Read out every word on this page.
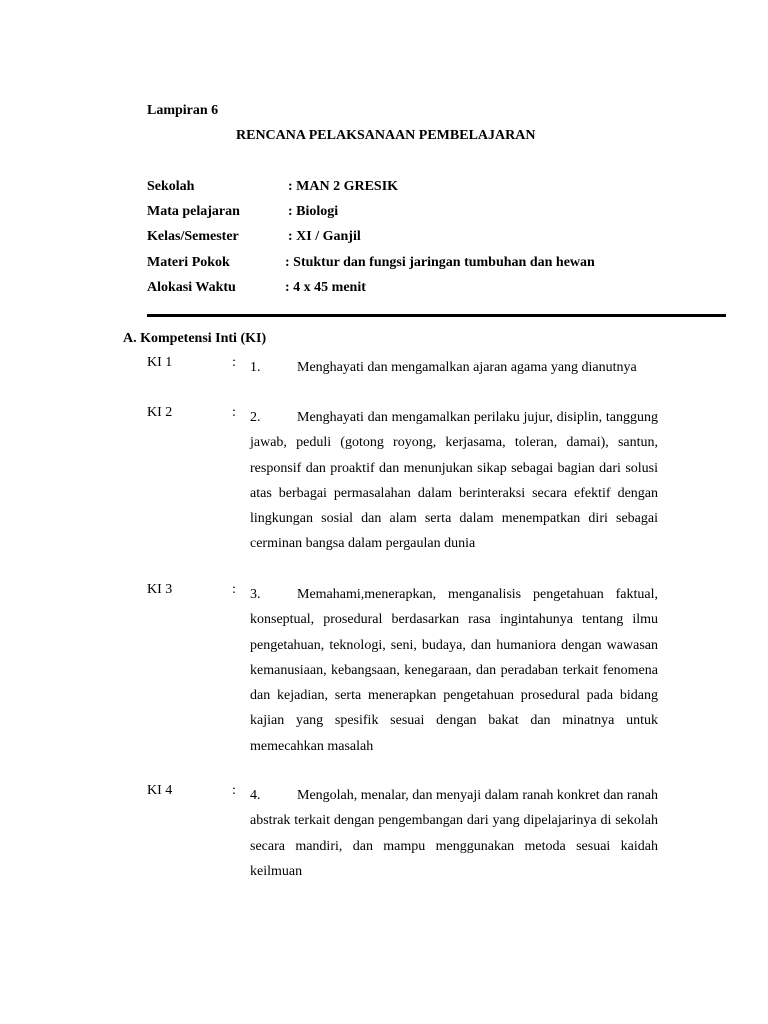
Lampiran 6
RENCANA PELAKSANAAN PEMBELAJARAN
Sekolah	: MAN 2 GRESIK
Mata pelajaran	: Biologi
Kelas/Semester	: XI / Ganjil
Materi Pokok	: Stuktur dan fungsi jaringan tumbuhan dan hewan
Alokasi Waktu	: 4 x 45 menit
A. Kompetensi Inti (KI)
KI 1	: 1.	Menghayati dan mengamalkan ajaran agama yang dianutnya
KI 2	: 2.	Menghayati dan mengamalkan perilaku jujur, disiplin, tanggung jawab, peduli (gotong royong, kerjasama, toleran, damai), santun, responsif dan proaktif dan menunjukan sikap sebagai bagian dari solusi atas berbagai permasalahan dalam berinteraksi secara efektif dengan lingkungan sosial dan alam serta dalam menempatkan diri sebagai cerminan bangsa dalam pergaulan dunia
KI 3	: 3.	Memahami,menerapkan, menganalisis pengetahuan faktual, konseptual, prosedural berdasarkan rasa ingintahunya tentang ilmu pengetahuan, teknologi, seni, budaya, dan humaniora dengan wawasan kemanusiaan, kebangsaan, kenegaraan, dan peradaban terkait fenomena dan kejadian, serta menerapkan pengetahuan prosedural pada bidang kajian yang spesifik sesuai dengan bakat dan minatnya untuk memecahkan masalah
KI 4	: 4.	Mengolah, menalar, dan menyaji dalam ranah konkret dan ranah abstrak terkait dengan pengembangan dari yang dipelajarinya di sekolah secara mandiri, dan mampu menggunakan metoda sesuai kaidah keilmuan
